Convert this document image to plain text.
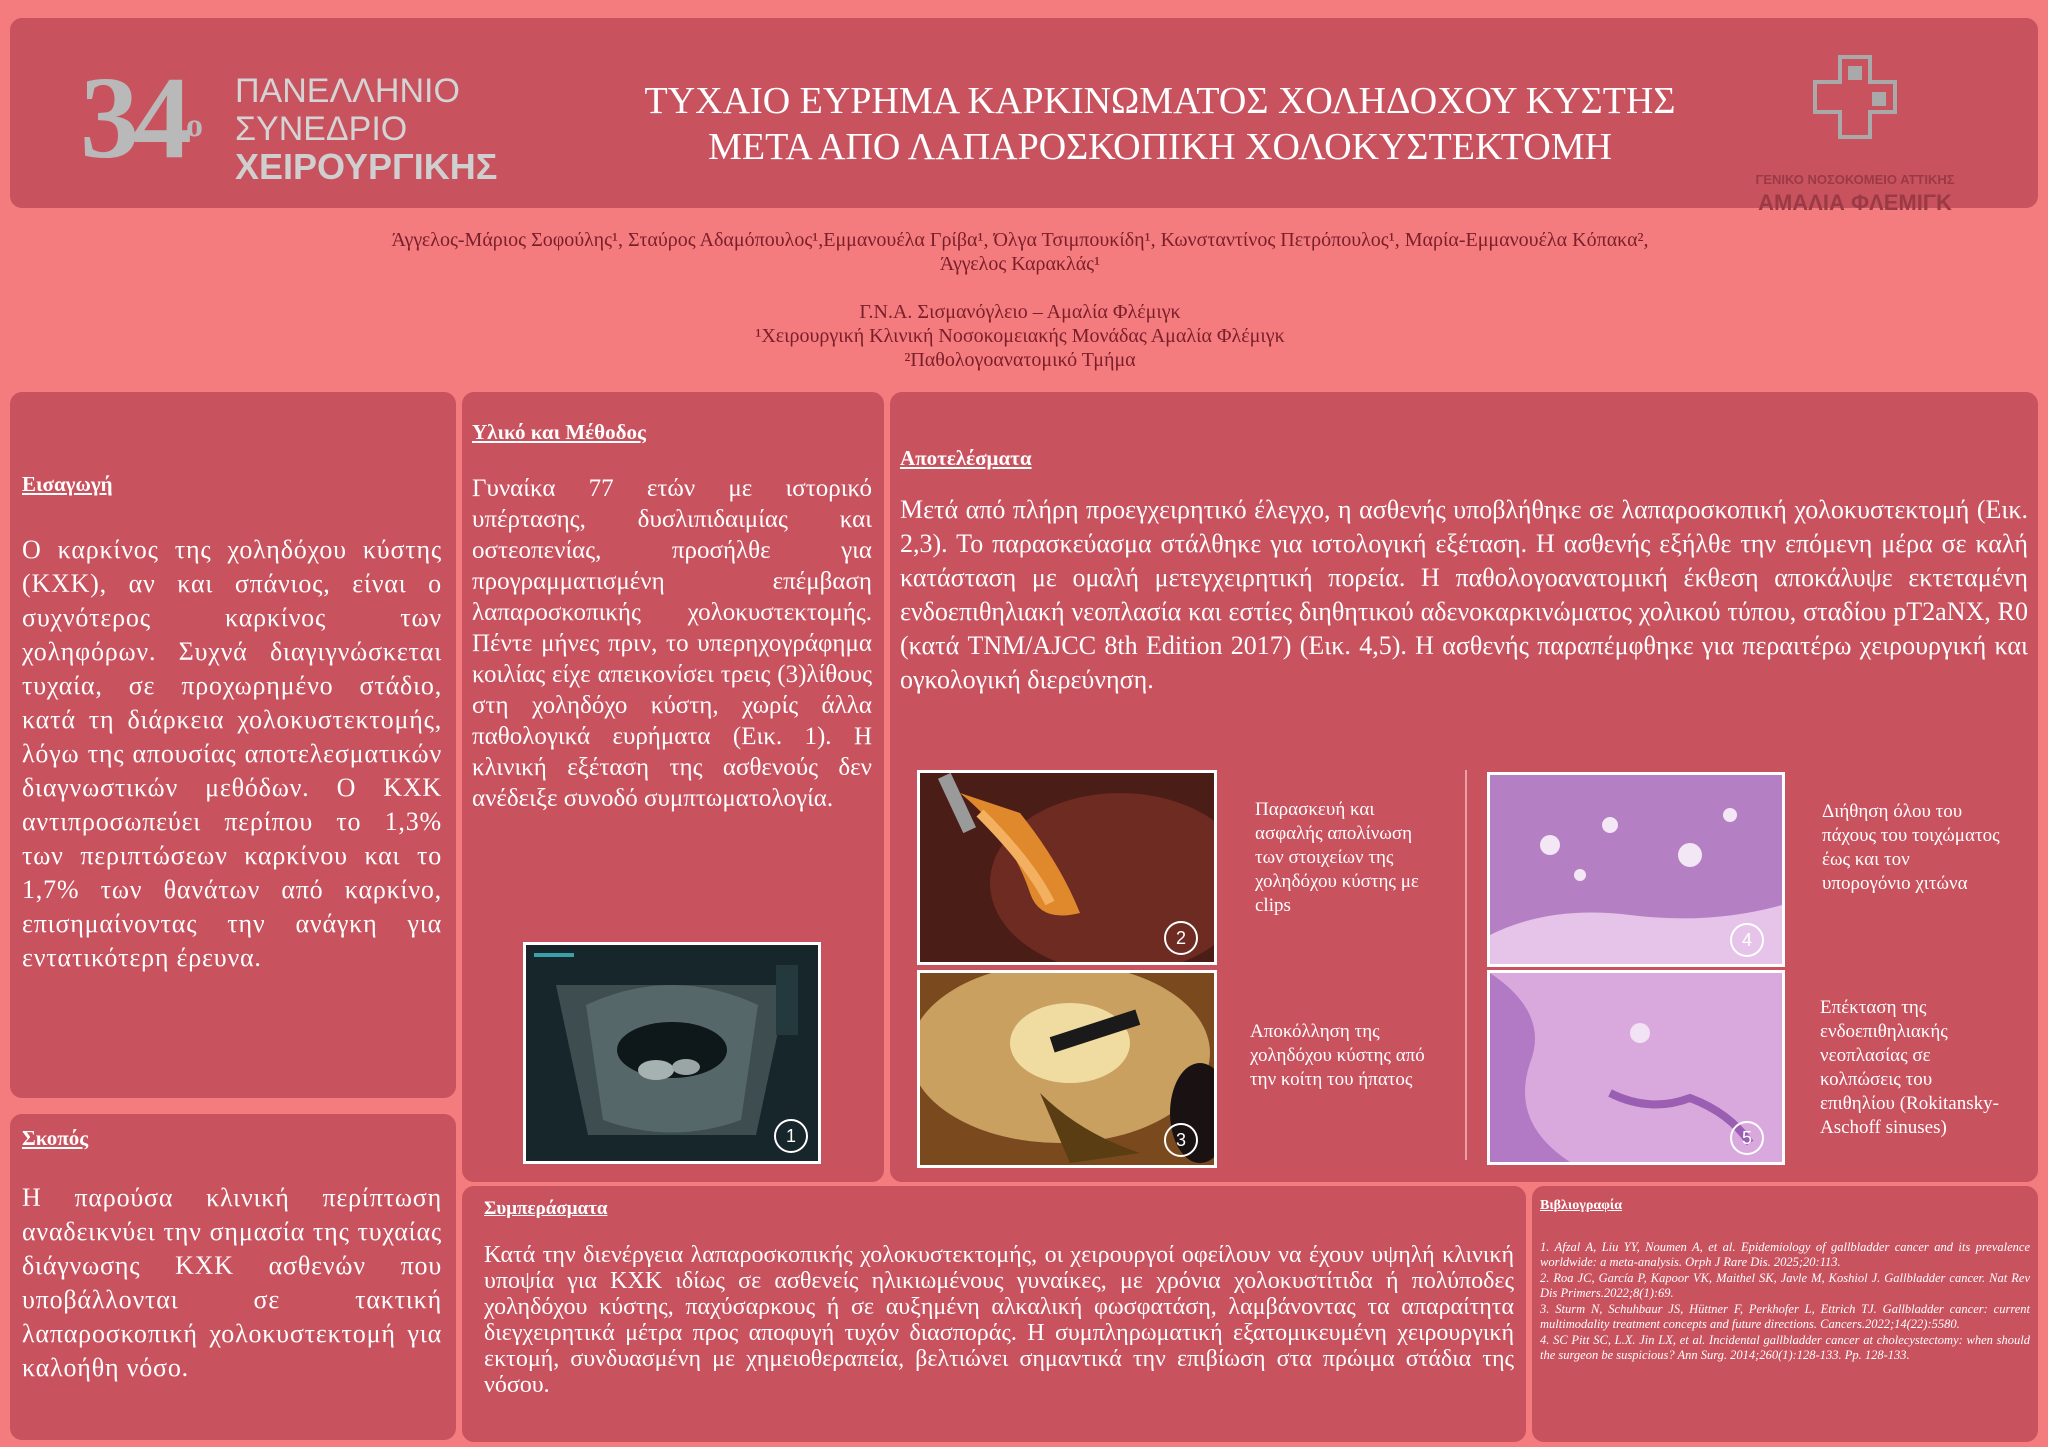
$34^o$
ΠΑΝΕΛΛΗΝΙΟ
ΣΥΝΕΔΡΙΟ
ΧΕΙΡΟΥΡΓΙΚΗΣ
ΤΥΧΑΙΟ ΕΥΡΗΜΑ ΚΑΡΚΙΝΩΜΑΤΟΣ ΧΟΛΗΔΟΧΟΥ ΚΥΣΤΗΣ
ΜΕΤΑ ΑΠΟ ΛΑΠΑΡΟΣΚΟΠΙΚΗ ΧΟΛΟΚΥΣΤΕΚΤΟΜΗ
ΓΕΝΙΚΟ ΝΟΣΟΚΟΜΕΙΟ ΑΤΤΙΚΗΣ
ΑΜΑΛΙΑ ΦΛΕΜΙΓΚ
Άγγελος-Μάριος Σοφούλης¹, Σταύρος Αδαμόπουλος¹,Εμμανουέλα Γρίβα¹, Όλγα Τσιμπουκίδη¹, Κωνσταντίνος Πετρόπουλος¹, Μαρία-Εμμανουέλα Κόπακα², Άγγελος Καρακλάς¹
Γ.Ν.Α. Σισμανόγλειο – Αμαλία Φλέμιγκ
¹Χειρουργική Κλινική Νοσοκομειακής Μονάδας Αμαλία Φλέμιγκ
²Παθολογοανατομικό Τμήμα

Εισαγωγή

Ο καρκίνος της χοληδόχου κύστης (ΚΧΚ), αν και σπάνιος, είναι ο συχνότερος καρκίνος των χοληφόρων. Συχνά διαγιγνώσκεται τυχαία, σε προχωρημένο στάδιο, κατά τη διάρκεια χολοκυστεκτομής, λόγω της απουσίας αποτελεσματικών διαγνωστικών μεθόδων. Ο ΚΧΚ αντιπροσωπεύει περίπου το 1,3% των περιπτώσεων καρκίνου και το 1,7% των θανάτων από καρκίνο, επισημαίνοντας την ανάγκη για εντατικότερη έρευνα.

Σκοπός

Η παρούσα κλινική περίπτωση αναδεικνύει την σημασία της τυχαίας διάγνωσης ΚΧΚ ασθενών που υποβάλλονται σε τακτική λαπαροσκοπική χολοκυστεκτομή για καλοήθη νόσο.

Υλικό και Μέθοδος

Γυναίκα 77 ετών με ιστορικό υπέρτασης, δυσλιπιδαιμίας και οστεοπενίας, προσήλθε για προγραμματισμένη επέμβαση λαπαροσκοπικής χολοκυστεκτομής. Πέντε μήνες πριν, το υπερηχογράφημα κοιλίας είχε απεικονίσει τρεις (3)λίθους στη χοληδόχο κύστη, χωρίς άλλα παθολογικά ευρήματα (Εικ. 1). Η κλινική εξέταση της ασθενούς δεν ανέδειξε συνοδό συμπτωματολογία.

1

Αποτελέσματα

Μετά από πλήρη προεγχειρητικό έλεγχο, η ασθενής υποβλήθηκε σε λαπαροσκοπική χολοκυστεκτομή (Εικ. 2,3). Το παρασκεύασμα στάλθηκε για ιστολογική εξέταση. Η ασθενής εξήλθε την επόμενη μέρα σε καλή κατάσταση με ομαλή μετεγχειρητική πορεία. Η παθολογοανατομική έκθεση αποκάλυψε εκτεταμένη ενδοεπιθηλιακή νεοπλασία και εστίες διηθητικού αδενοκαρκινώματος χολικού τύπου, σταδίου pT2aNX, R0 (κατά TNM/AJCC 8th Edition 2017) (Εικ. 4,5). Η ασθενής παραπέμφθηκε για περαιτέρω χειρουργική και ογκολογική διερεύνηση.

2
Παρασκευή και ασφαλής απολίνωση των στοιχείων της χοληδόχου κύστης με clips
3
Αποκόλληση της χοληδόχου κύστης από την κοίτη του ήπατος
4
Διήθηση όλου του πάχους του τοιχώματος έως και τον υπορογόνιο χιτώνα
5
Επέκταση της ενδοεπιθηλιακής νεοπλασίας σε κολπώσεις του επιθηλίου (Rokitansky-Aschoff sinuses)

Συμπεράσματα

Κατά την διενέργεια λαπαροσκοπικής χολοκυστεκτομής, οι χειρουργοί οφείλουν να έχουν υψηλή κλινική υποψία για ΚΧΚ ιδίως σε ασθενείς ηλικιωμένους γυναίκες, με χρόνια χολοκυστίτιδα ή πολύποδες χοληδόχου κύστης, παχύσαρκους ή σε αυξημένη αλκαλική φωσφατάση, λαμβάνοντας τα απαραίτητα διεγχειρητικά μέτρα προς αποφυγή τυχόν διασποράς. Η συμπληρωματική εξατομικευμένη χειρουργική εκτομή, συνδυασμένη με χημειοθεραπεία, βελτιώνει σημαντικά την επιβίωση στα πρώιμα στάδια της νόσου.

Βιβλιογραφία

1. Afzal A, Liu YY, Noumen A, et al. Epidemiology of gallbladder cancer and its prevalence worldwide: a meta-analysis. Orph J Rare Dis. 2025;20:113.

2. Roa JC, García P, Kapoor VK, Maithel SK, Javle M, Koshiol J. Gallbladder cancer. Nat Rev Dis Primers.2022;8(1):69.

3. Sturm N, Schuhbaur JS, Hüttner F, Perkhofer L, Ettrich TJ. Gallbladder cancer: current multimodality treatment concepts and future directions. Cancers.2022;14(22):5580.

4. SC Pitt SC, L.X. Jin LX, et al. Incidental gallbladder cancer at cholecystectomy: when should the surgeon be suspicious? Ann Surg. 2014;260(1):128-133. Pp. 128-133.
